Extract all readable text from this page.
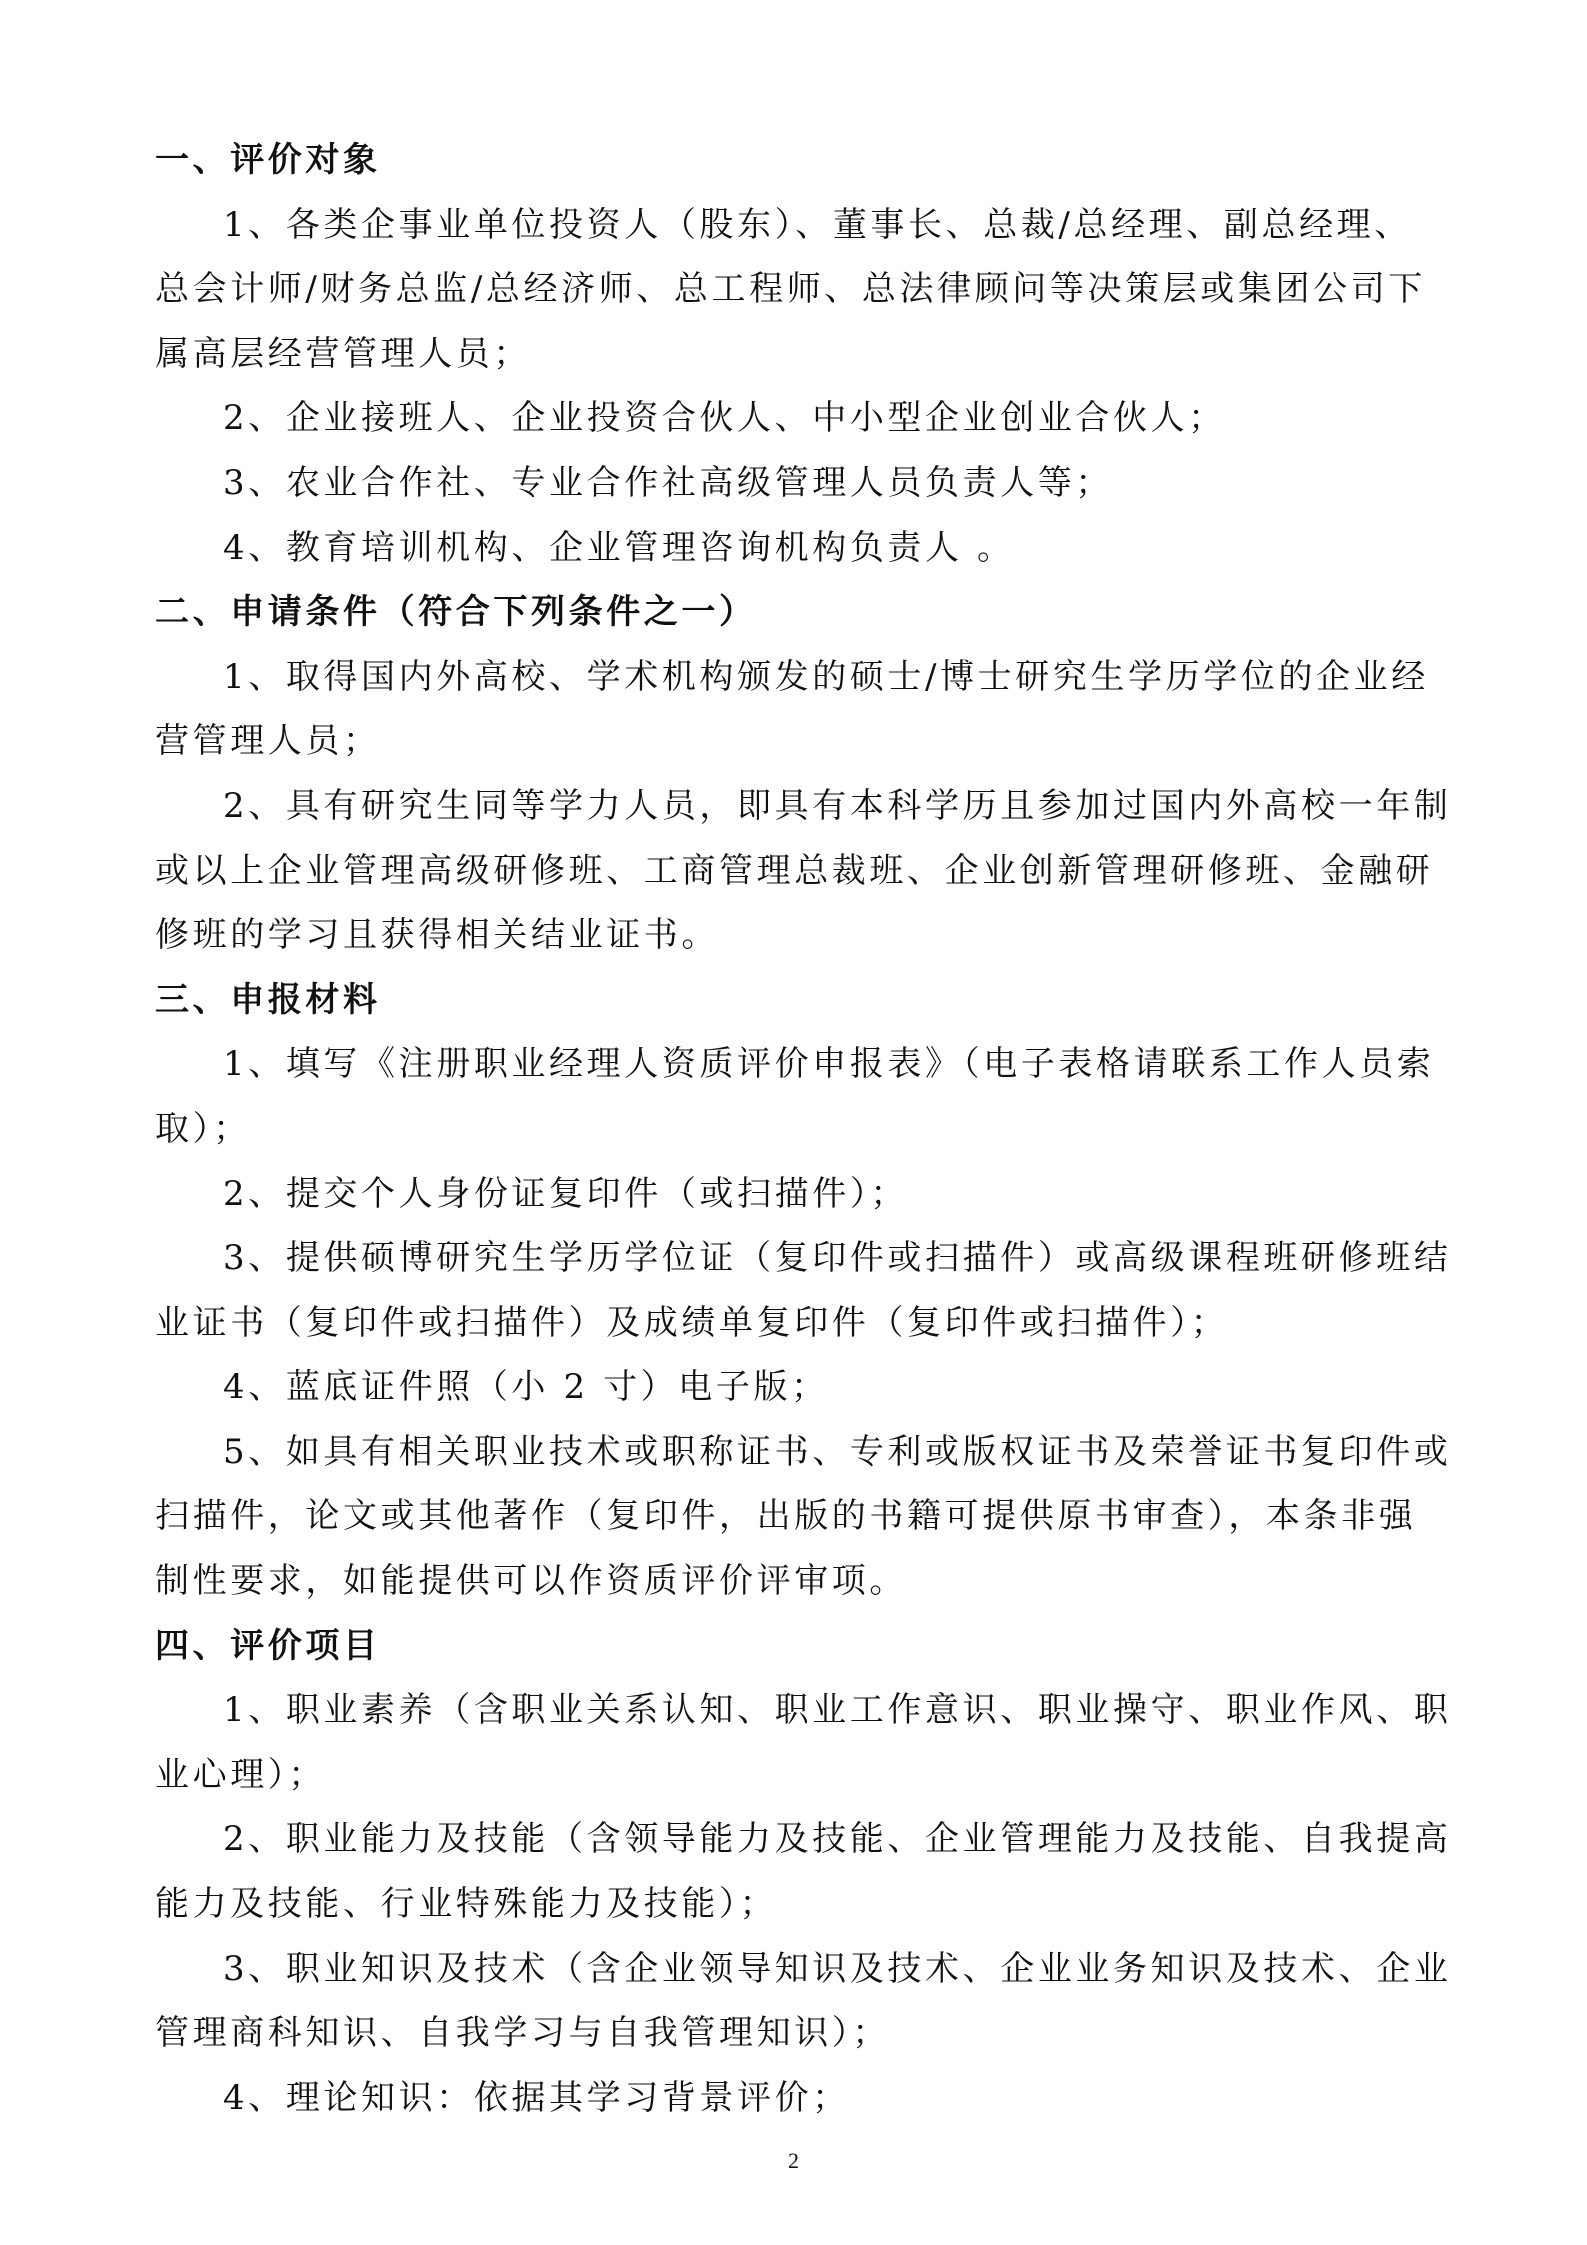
一、评价对象

1、各类企事业单位投资人（股东）、董事长、总裁/总经理、副总经理、

总会计师/财务总监/总经济师、总工程师、总法律顾问等决策层或集团公司下

属高层经营管理人员；

2、企业接班人、企业投资合伙人、中小型企业创业合伙人；

3、农业合作社、专业合作社高级管理人员负责人等；

4、教育培训机构、企业管理咨询机构负责人 。

二、申请条件（符合下列条件之一）

1、取得国内外高校、学术机构颁发的硕士/博士研究生学历学位的企业经

营管理人员；

2、具有研究生同等学力人员，即具有本科学历且参加过国内外高校一年制

或以上企业管理高级研修班、工商管理总裁班、企业创新管理研修班、金融研

修班的学习且获得相关结业证书。

三、申报材料

1、填写《注册职业经理人资质评价申报表》（电子表格请联系工作人员索

取）；

2、提交个人身份证复印件（或扫描件）；

3、提供硕博研究生学历学位证（复印件或扫描件）或高级课程班研修班结

业证书（复印件或扫描件）及成绩单复印件（复印件或扫描件）；

4、蓝底证件照（小 2 寸）电子版；

5、如具有相关职业技术或职称证书、专利或版权证书及荣誉证书复印件或

扫描件，论文或其他著作（复印件，出版的书籍可提供原书审查），本条非强

制性要求，如能提供可以作资质评价评审项。

四、评价项目

1、职业素养（含职业关系认知、职业工作意识、职业操守、职业作风、职

业心理）；

2、职业能力及技能（含领导能力及技能、企业管理能力及技能、自我提高

能力及技能、行业特殊能力及技能）；

3、职业知识及技术（含企业领导知识及技术、企业业务知识及技术、企业

管理商科知识、自我学习与自我管理知识）；

4、理论知识：依据其学习背景评价；

2
